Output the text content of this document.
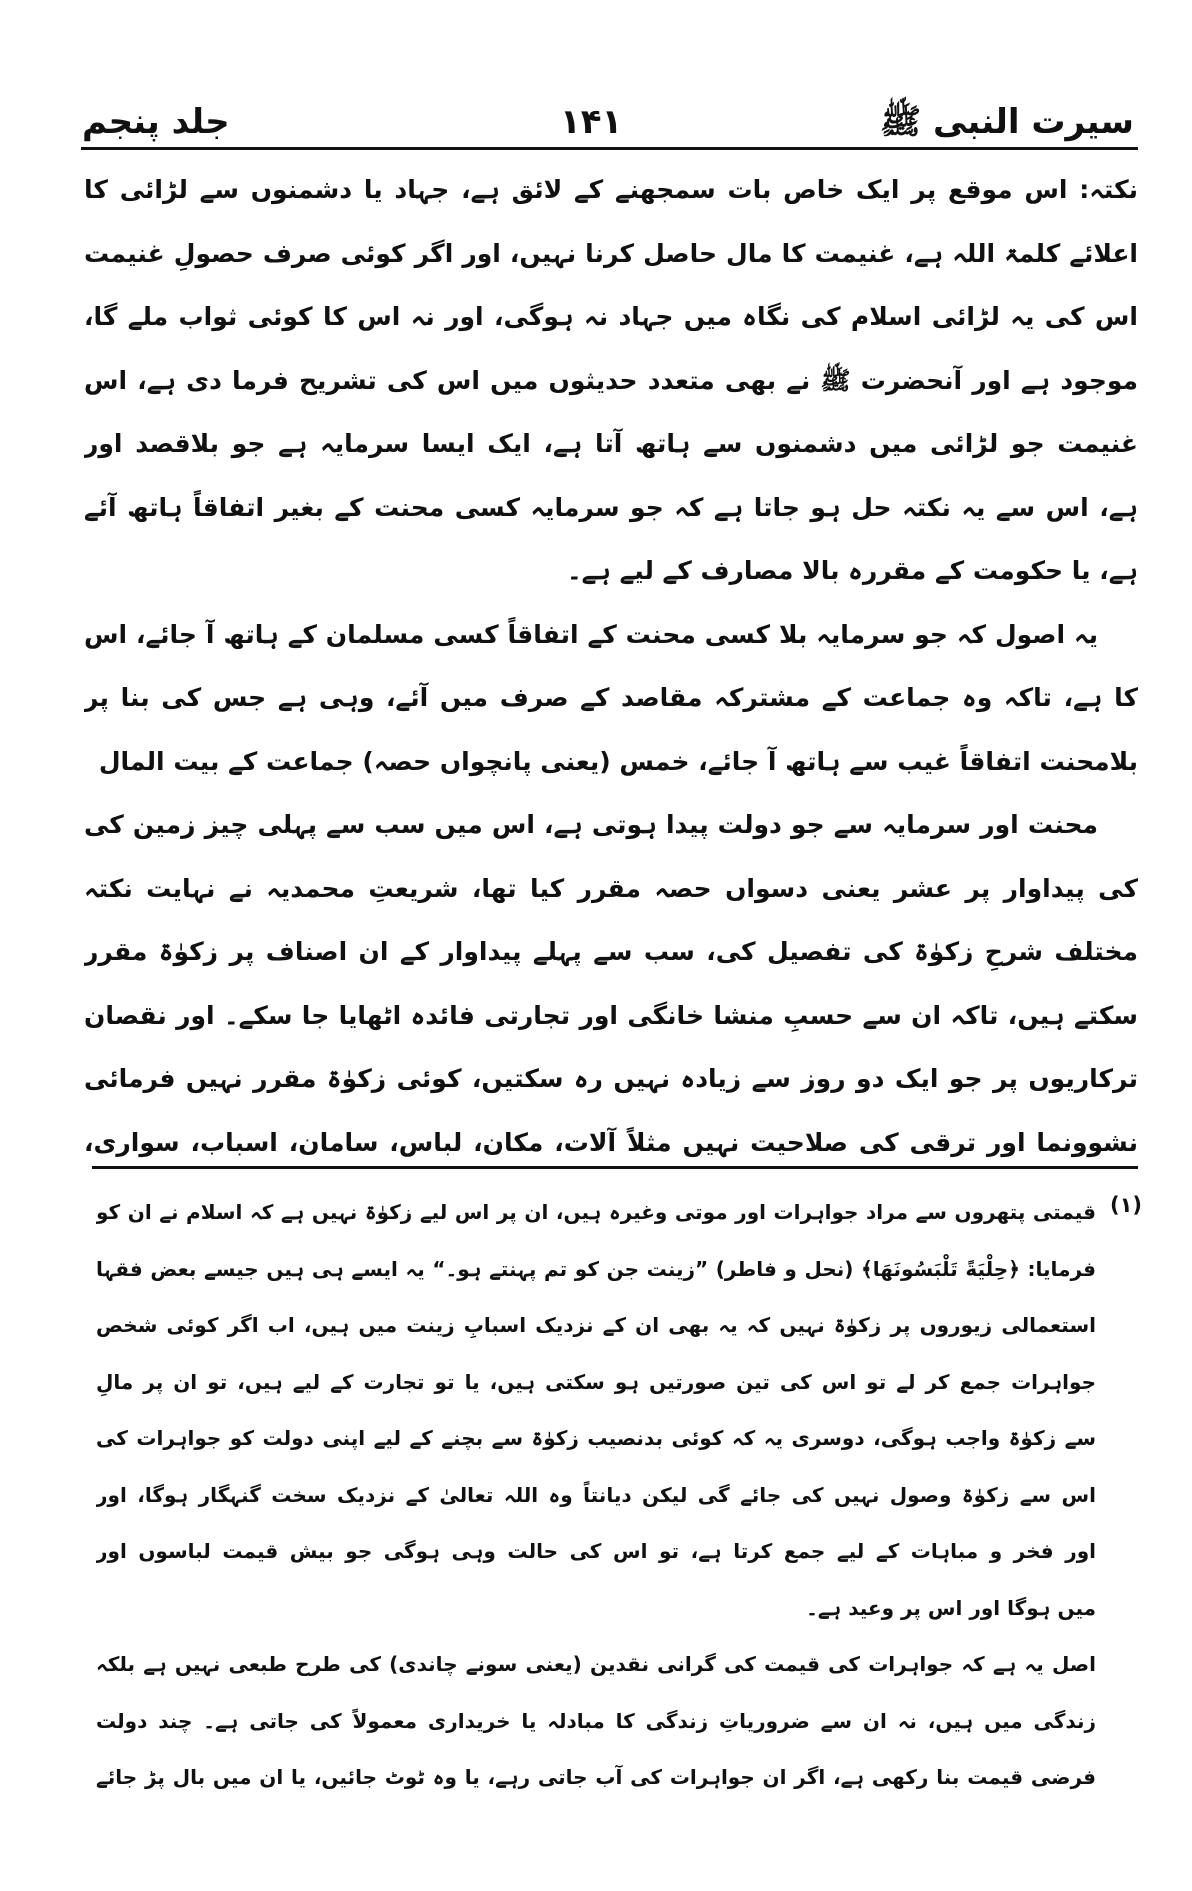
سیرت النبی ﷺ
۱۴۱
جلد پنجم
نکتہ: اس موقع پر ایک خاص بات سمجھنے کے لائق ہے، جہاد یا دشمنوں سے لڑائی کا
اعلائے کلمۃ اللہ ہے، غنیمت کا مال حاصل کرنا نہیں، اور اگر کوئی صرف حصولِ غنیمت
اس کی یہ لڑائی اسلام کی نگاہ میں جہاد نہ ہوگی، اور نہ اس کا کوئی ثواب ملے گا،
موجود ہے اور آنحضرت ﷺ نے بھی متعدد حدیثوں میں اس کی تشریح فرما دی ہے، اس
غنیمت جو لڑائی میں دشمنوں سے ہاتھ آتا ہے، ایک ایسا سرمایہ ہے جو بلاقصد اور
ہے، اس سے یہ نکتہ حل ہو جاتا ہے کہ جو سرمایہ کسی محنت کے بغیر اتفاقاً ہاتھ آئے
ہے، یا حکومت کے مقررہ بالا مصارف کے لیے ہے۔
یہ اصول کہ جو سرمایہ بلا کسی محنت کے اتفاقاً کسی مسلمان کے ہاتھ آ جائے، اس
کا ہے، تاکہ وہ جماعت کے مشترکہ مقاصد کے صرف میں آئے، وہی ہے جس کی بنا پر
بلامحنت اتفاقاً غیب سے ہاتھ آ جائے، خمس (یعنی پانچواں حصہ) جماعت کے بیت المال
محنت اور سرمایہ سے جو دولت پیدا ہوتی ہے، اس میں سب سے پہلی چیز زمین کی
کی پیداوار پر عشر یعنی دسواں حصہ مقرر کیا تھا، شریعتِ محمدیہ نے نہایت نکتہ
مختلف شرحِ زکوٰۃ کی تفصیل کی، سب سے پہلے پیداوار کے ان اصناف پر زکوٰۃ مقرر
سکتے ہیں، تاکہ ان سے حسبِ منشا خانگی اور تجارتی فائدہ اٹھایا جا سکے۔ اور نقصان
ترکاریوں پر جو ایک دو روز سے زیادہ نہیں رہ سکتیں، کوئی زکوٰۃ مقرر نہیں فرمائی
نشوونما اور ترقی کی صلاحیت نہیں مثلاً آلات، مکان، لباس، سامان، اسباب، سواری،
(۱)
قیمتی پتھروں سے مراد جواہرات اور موتی وغیرہ ہیں، ان پر اس لیے زکوٰۃ نہیں ہے کہ اسلام نے ان کو
فرمایا: ﴿حِلْيَةً تَلْبَسُونَهَا﴾ (نحل و فاطر) ”زینت جن کو تم پہنتے ہو۔“ یہ ایسے ہی ہیں جیسے بعض فقہا
استعمالی زیوروں پر زکوٰۃ نہیں کہ یہ بھی ان کے نزدیک اسبابِ زینت میں ہیں، اب اگر کوئی شخص
جواہرات جمع کر لے تو اس کی تین صورتیں ہو سکتی ہیں، یا تو تجارت کے لیے ہیں، تو ان پر مالِ
سے زکوٰۃ واجب ہوگی، دوسری یہ کہ کوئی بدنصیب زکوٰۃ سے بچنے کے لیے اپنی دولت کو جواہرات کی
اس سے زکوٰۃ وصول نہیں کی جائے گی لیکن دیانتاً وہ اللہ تعالیٰ کے نزدیک سخت گنہگار ہوگا، اور
اور فخر و مباہات کے لیے جمع کرتا ہے، تو اس کی حالت وہی ہوگی جو بیش قیمت لباسوں اور
میں ہوگا اور اس پر وعید ہے۔
اصل یہ ہے کہ جواہرات کی قیمت کی گرانی نقدین (یعنی سونے چاندی) کی طرح طبعی نہیں ہے بلکہ
زندگی میں ہیں، نہ ان سے ضروریاتِ زندگی کا مبادلہ یا خریداری معمولاً کی جاتی ہے۔ چند دولت
فرضی قیمت بنا رکھی ہے، اگر ان جواہرات کی آب جاتی رہے، یا وہ ٹوٹ جائیں، یا ان میں بال پڑ جائے
